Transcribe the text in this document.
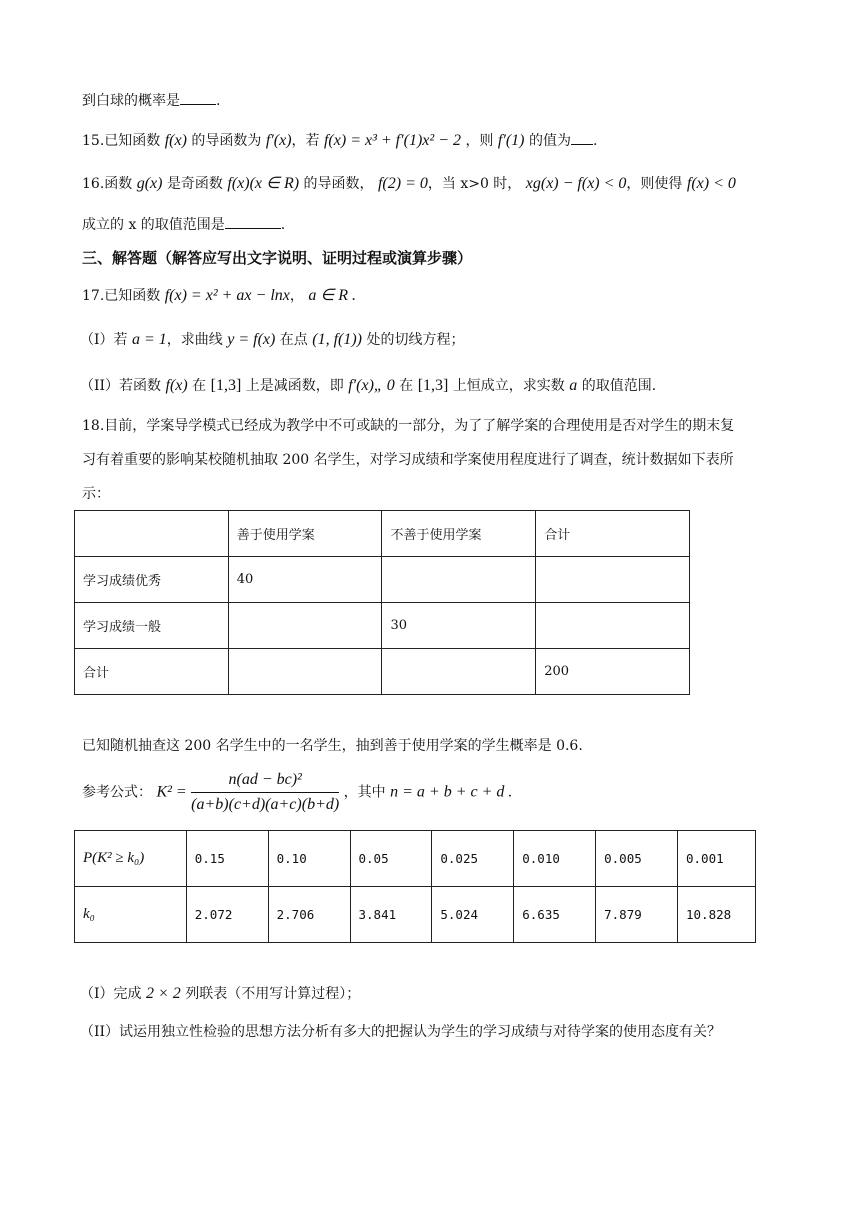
到白球的概率是	.
15.已知函数 f(x) 的导函数为 f′(x)，若 f(x) = x³ + f′(1)x² − 2 ，则 f′(1) 的值为 .
16.函数 g(x) 是奇函数 f(x)(x ∈ R) 的导函数， f(2) = 0，当 x>0 时， xg(x) − f(x) < 0，则使得 f(x) < 0
成立的 x 的取值范围是	.
三、解答题（解答应写出文字说明、证明过程或演算步骤）
17.已知函数 f(x) = x² + ax − lnx， a ∈ R .
（I）若 a = 1，求曲线 y = f(x) 在点 (1, f(1)) 处的切线方程；
（II）若函数 f(x) 在 [1,3] 上是减函数，即 f′(x)„ 0 在 [1,3] 上恒成立，求实数 a 的取值范围.
18.目前，学案导学模式已经成为教学中不可或缺的一部分，为了了解学案的合理使用是否对学生的期末复
习有着重要的影响某校随机抽取 200 名学生，对学习成绩和学案使用程度进行了调查，统计数据如下表所
示：
	善于使用学案	不善于使用学案	合计
学习成绩优秀	40		
学习成绩一般		30	
合计			200
已知随机抽查这 200 名学生中的一名学生，抽到善于使用学案的学生概率是 0.6.
参考公式： $K^2 = \frac{\text{n(ad − bc)²}}{(a+b)(c+d)(a+c)(b+d)}$ ，其中 n = a + b + c + d .
P(K² ≥ k₀)	0.15	0.10	0.05	0.025	0.010	0.005	0.001
k₀	2.072	2.706	3.841	5.024	6.635	7.879	10.828
（I）完成 2 × 2 列联表（不用写计算过程）；
（II）试运用独立性检验的思想方法分析有多大的把握认为学生的学习成绩与对待学案的使用态度有关？
